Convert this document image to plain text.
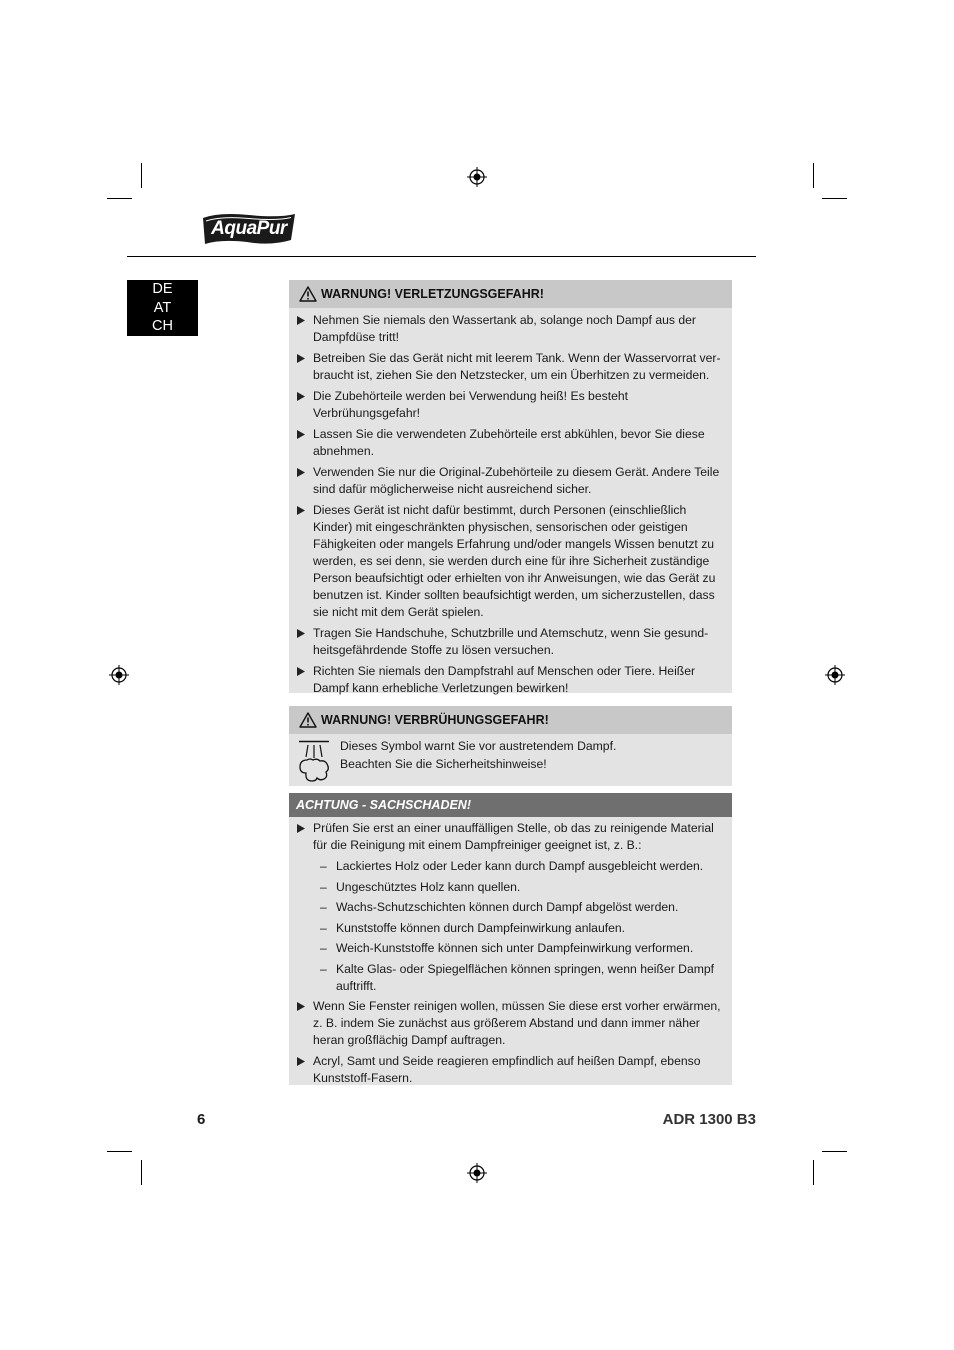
AquaPur
DE
AT
CH
WARNUNG! VERLETZUNGSGEFAHR!
Nehmen Sie niemals den Wassertank ab, solange noch Dampf aus der Dampfdüse tritt!
Betreiben Sie das Gerät nicht mit leerem Tank. Wenn der Wasservorrat ver-braucht ist, ziehen Sie den Netzstecker, um ein Überhitzen zu vermeiden.
Die Zubehörteile werden bei Verwendung heiß! Es besteht Verbrühungsgefahr!
Lassen Sie die verwendeten Zubehörteile erst abkühlen, bevor Sie diese abnehmen.
Verwenden Sie nur die Original-Zubehörteile zu diesem Gerät. Andere Teile sind dafür möglicherweise nicht ausreichend sicher.
Dieses Gerät ist nicht dafür bestimmt, durch Personen (einschließlich Kinder) mit eingeschränkten physischen, sensorischen oder geistigen Fähigkeiten oder mangels Erfahrung und/oder mangels Wissen benutzt zu werden, es sei denn, sie werden durch eine für ihre Sicherheit zuständige Person beaufsichtigt oder erhielten von ihr Anweisungen, wie das Gerät zu benutzen ist. Kinder sollten beaufsichtigt werden, um sicherzustellen, dass sie nicht mit dem Gerät spielen.
Tragen Sie Handschuhe, Schutzbrille und Atemschutz, wenn Sie gesund-heitsgefährdende Stoffe zu lösen versuchen.
Richten Sie niemals den Dampfstrahl auf Menschen oder Tiere. Heißer Dampf kann erhebliche Verletzungen bewirken!
WARNUNG! VERBRÜHUNGSGEFAHR!
Dieses Symbol warnt Sie vor austretendem Dampf.
Beachten Sie die Sicherheitshinweise!
ACHTUNG - SACHSCHADEN!
Prüfen Sie erst an einer unauffälligen Stelle, ob das zu reinigende Material für die Reinigung mit einem Dampfreiniger geeignet ist, z. B.:
– Lackiertes Holz oder Leder kann durch Dampf ausgebleicht werden.
– Ungeschütztes Holz kann quellen.
– Wachs-Schutzschichten können durch Dampf abgelöst werden.
– Kunststoffe können durch Dampfeinwirkung anlaufen.
– Weich-Kunststoffe können sich unter Dampfeinwirkung verformen.
– Kalte Glas- oder Spiegelflächen können springen, wenn heißer Dampf auftrifft.
Wenn Sie Fenster reinigen wollen, müssen Sie diese erst vorher erwärmen, z. B. indem Sie zunächst aus größerem Abstand und dann immer näher heran großflächig Dampf auftragen.
Acryl, Samt und Seide reagieren empfindlich auf heißen Dampf, ebenso Kunststoff-Fasern.
6	ADR 1300 B3
